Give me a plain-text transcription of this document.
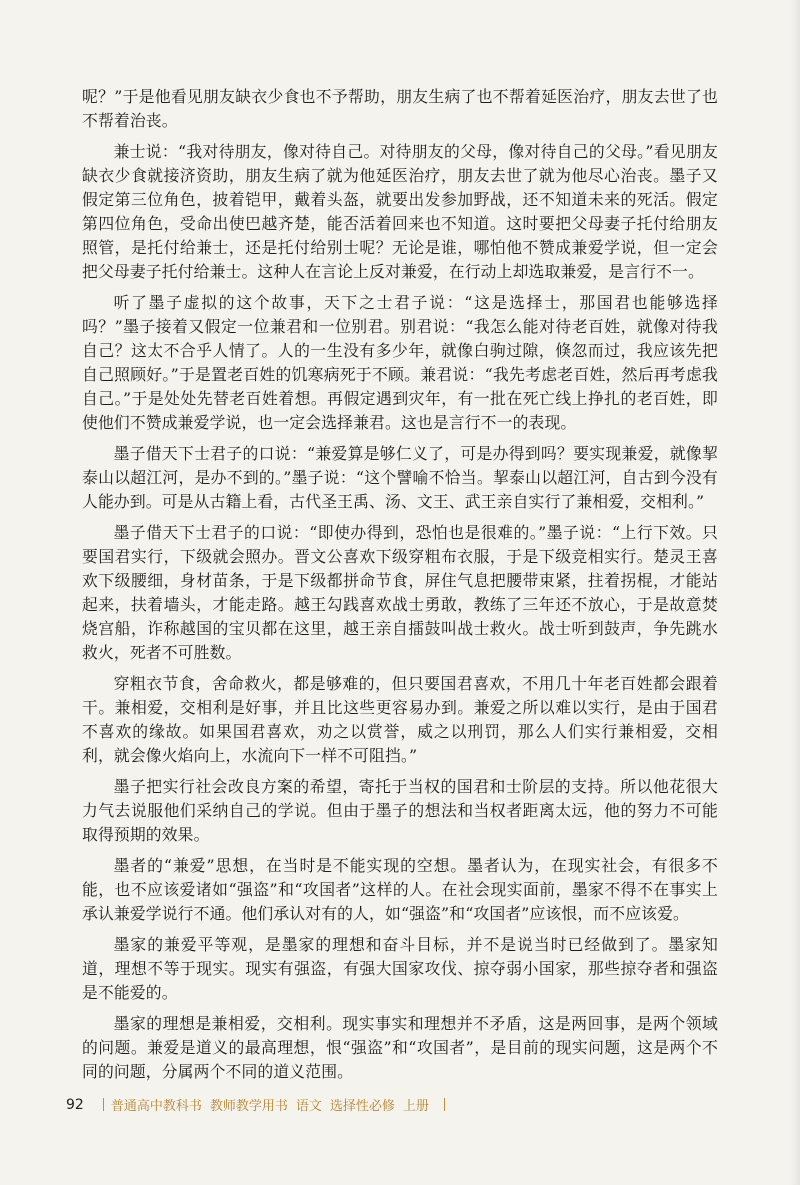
呢？”于是他看见朋友缺衣少食也不予帮助，朋友生病了也不帮着延医治疗，朋友去世了也不帮着治丧。

兼士说：“我对待朋友，像对待自己。对待朋友的父母，像对待自己的父母。”看见朋友缺衣少食就接济资助，朋友生病了就为他延医治疗，朋友去世了就为他尽心治丧。墨子又假定第三位角色，披着铠甲，戴着头盔，就要出发参加野战，还不知道未来的死活。假定第四位角色，受命出使巴越齐楚，能否活着回来也不知道。这时要把父母妻子托付给朋友照管，是托付给兼士，还是托付给别士呢？无论是谁，哪怕他不赞成兼爱学说，但一定会把父母妻子托付给兼士。这种人在言论上反对兼爱，在行动上却选取兼爱，是言行不一。

听了墨子虚拟的这个故事，天下之士君子说：“这是选择士，那国君也能够选择吗？”墨子接着又假定一位兼君和一位别君。别君说：“我怎么能对待老百姓，就像对待我自己？这太不合乎人情了。人的一生没有多少年，就像白驹过隙，倏忽而过，我应该先把自己照顾好。”于是置老百姓的饥寒病死于不顾。兼君说：“我先考虑老百姓，然后再考虑我自己。”于是处处先替老百姓着想。再假定遇到灾年，有一批在死亡线上挣扎的老百姓，即使他们不赞成兼爱学说，也一定会选择兼君。这也是言行不一的表现。

墨子借天下士君子的口说：“兼爱算是够仁义了，可是办得到吗？要实现兼爱，就像挈泰山以超江河，是办不到的。”墨子说：“这个譬喻不恰当。挈泰山以超江河，自古到今没有人能办到。可是从古籍上看，古代圣王禹、汤、文王、武王亲自实行了兼相爱，交相利。”

墨子借天下士君子的口说：“即使办得到，恐怕也是很难的。”墨子说：“上行下效。只要国君实行，下级就会照办。晋文公喜欢下级穿粗布衣服，于是下级竞相实行。楚灵王喜欢下级腰细，身材苗条，于是下级都拼命节食，屏住气息把腰带束紧，拄着拐棍，才能站起来，扶着墙头，才能走路。越王勾践喜欢战士勇敢，教练了三年还不放心，于是故意焚烧宫船，诈称越国的宝贝都在这里，越王亲自擂鼓叫战士救火。战士听到鼓声，争先跳水救火，死者不可胜数。

穿粗衣节食，舍命救火，都是够难的，但只要国君喜欢，不用几十年老百姓都会跟着干。兼相爱，交相利是好事，并且比这些更容易办到。兼爱之所以难以实行，是由于国君不喜欢的缘故。如果国君喜欢，劝之以赏誉，威之以刑罚，那么人们实行兼相爱，交相利，就会像火焰向上，水流向下一样不可阻挡。”

墨子把实行社会改良方案的希望，寄托于当权的国君和士阶层的支持。所以他花很大力气去说服他们采纳自己的学说。但由于墨子的想法和当权者距离太远，他的努力不可能取得预期的效果。

墨者的“兼爱”思想，在当时是不能实现的空想。墨者认为，在现实社会，有很多不能，也不应该爱诸如“强盗”和“攻国者”这样的人。在社会现实面前，墨家不得不在事实上承认兼爱学说行不通。他们承认对有的人，如“强盗”和“攻国者”应该恨，而不应该爱。

墨家的兼爱平等观，是墨家的理想和奋斗目标，并不是说当时已经做到了。墨家知道，理想不等于现实。现实有强盗，有强大国家攻伐、掠夺弱小国家，那些掠夺者和强盗是不能爱的。

墨家的理想是兼相爱，交相利。现实事实和理想并不矛盾，这是两回事，是两个领域的问题。兼爱是道义的最高理想，恨“强盗”和“攻国者”，是目前的现实问题，这是两个不同的问题，分属两个不同的道义范围。

92 普通高中教科书 教师教学用书 语文 选择性必修 上册
